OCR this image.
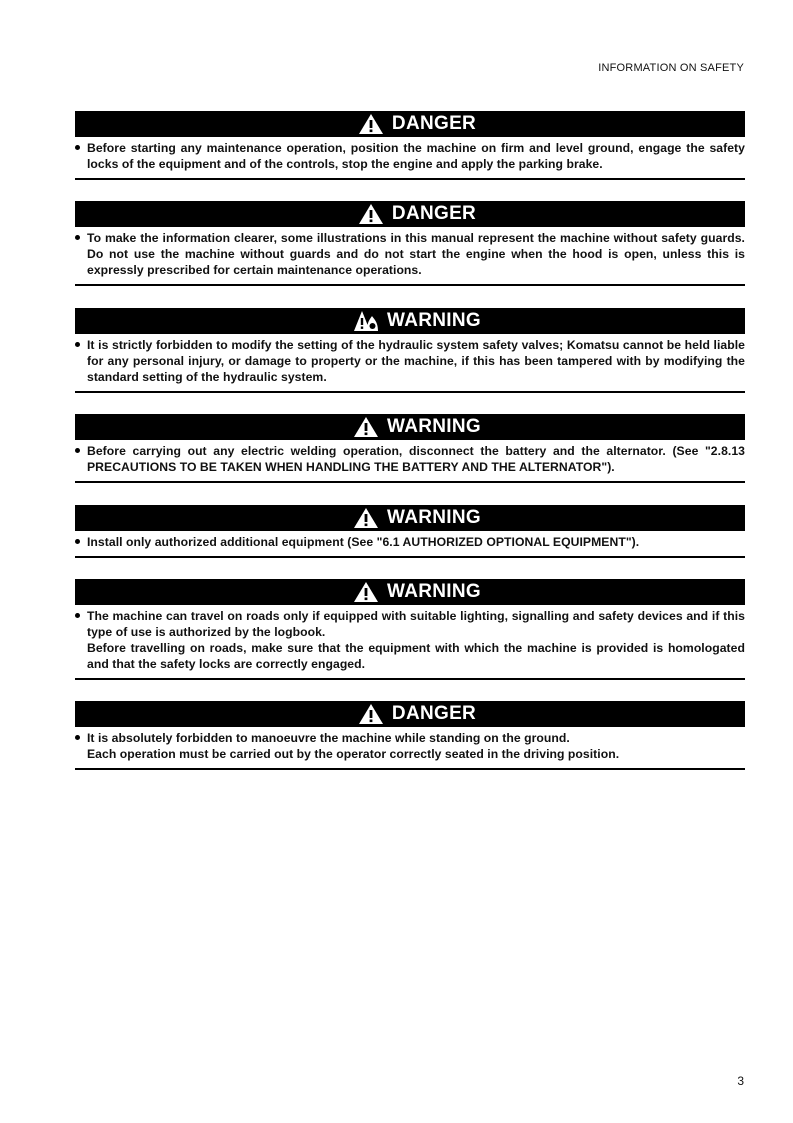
INFORMATION ON SAFETY
DANGER

Before starting any maintenance operation, position the machine on firm and level ground, engage the safety locks of the equipment and of the controls, stop the engine and apply the parking brake.

DANGER

To make the information clearer, some illustrations in this manual represent the machine without safety guards. Do not use the machine without guards and do not start the engine when the hood is open, unless this is expressly prescribed for certain maintenance operations.

WARNING

It is strictly forbidden to modify the setting of the hydraulic system safety valves; Komatsu cannot be held liable for any personal injury, or damage to property or the machine, if this has been tampered with by modifying the standard setting of the hydraulic system.

WARNING

Before carrying out any electric welding operation, disconnect the battery and the alternator. (See "2.8.13 PRECAUTIONS TO BE TAKEN WHEN HANDLING THE BATTERY AND THE ALTERNATOR").

WARNING

Install only authorized additional equipment (See "6.1 AUTHORIZED OPTIONAL EQUIPMENT").

WARNING

The machine can travel on roads only if equipped with suitable lighting, signalling and safety devices and if this type of use is authorized by the logbook.

Before travelling on roads, make sure that the equipment with which the machine is provided is homologated and that the safety locks are correctly engaged.

DANGER

It is absolutely forbidden to manoeuvre the machine while standing on the ground.

Each operation must be carried out by the operator correctly seated in the driving position.

3
